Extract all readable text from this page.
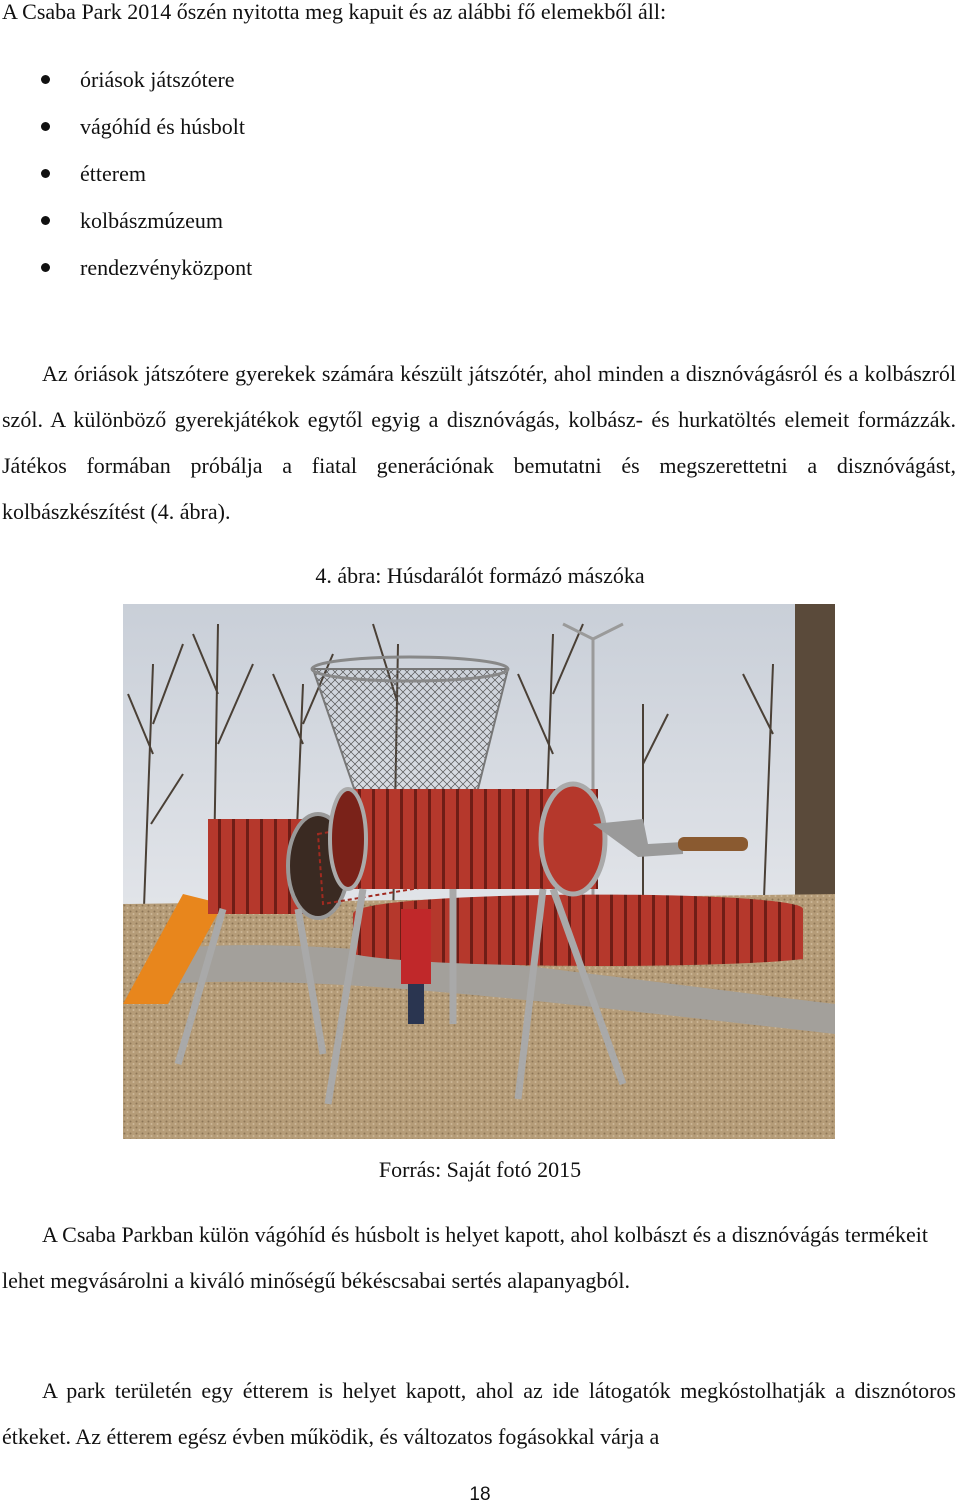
A Csaba Park 2014 őszén nyitotta meg kapuit és az alábbi fő elemekből áll:

óriások játszótere
vágóhíd és húsbolt
étterem
kolbászmúzeum
rendezvényközpont

Az óriások játszótere gyerekek számára készült játszótér, ahol minden a disznóvágásról és a kolbászról szól. A különböző gyerekjátékok egytől egyig a disznóvágás, kolbász- és hurkatöltés elemeit formázzák. Játékos formában próbálja a fiatal generációnak bemutatni és megszerettetni a disznóvágást, kolbászkészítést (4. ábra).

4. ábra: Húsdarálót formázó mászóka

Forrás: Saját fotó 2015

A Csaba Parkban külön vágóhíd és húsbolt is helyet kapott, ahol kolbászt és a disznóvágás termékeit lehet megvásárolni a kiváló minőségű békéscsabai sertés alapanyagból.

A park területén egy étterem is helyet kapott, ahol az ide látogatók megkóstolhatják a disznótoros étkeket. Az étterem egész évben működik, és változatos fogásokkal várja a

18
